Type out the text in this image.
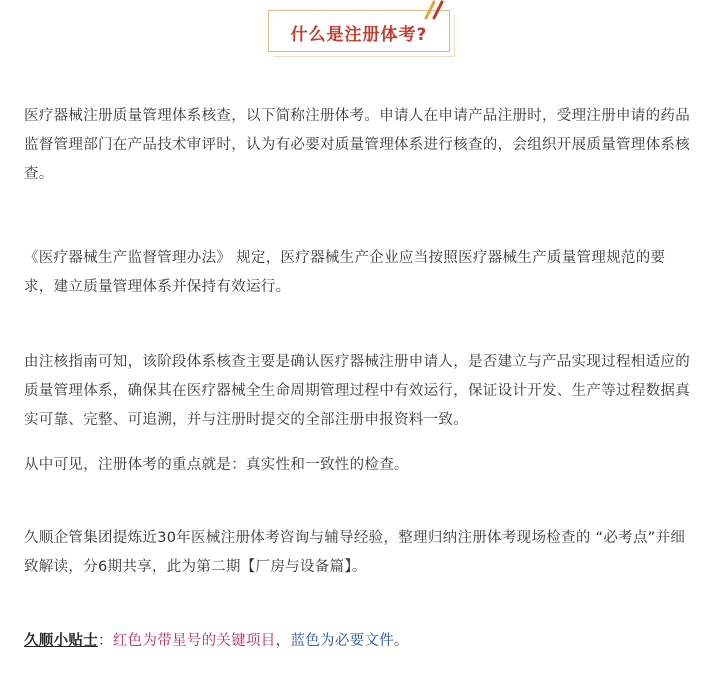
什么是注册体考?

医疗器械注册质量管理体系核查，以下简称注册体考。申请人在申请产品注册时，受理注册申请的药品监督管理部门在产品技术审评时，认为有必要对质量管理体系进行核查的，会组织开展质量管理体系核查。

《医疗器械生产监督管理办法》 规定，医疗器械生产企业应当按照医疗器械生产质量管理规范的要求，建立质量管理体系并保持有效运行。

由注核指南可知，该阶段体系核查主要是确认医疗器械注册申请人，是否建立与产品实现过程相适应的质量管理体系，确保其在医疗器械全生命周期管理过程中有效运行，保证设计开发、生产等过程数据真实可靠、完整、可追溯，并与注册时提交的全部注册申报资料一致。

从中可见，注册体考的重点就是：真实性和一致性的检查。

久顺企管集团提炼近30年医械注册体考咨询与辅导经验，整理归纳注册体考现场检查的 “必考点”并细致解读，分6期共享，此为第二期【厂房与设备篇】。

久顺小贴士：红色为带星号的关键项目，蓝色为必要文件。
